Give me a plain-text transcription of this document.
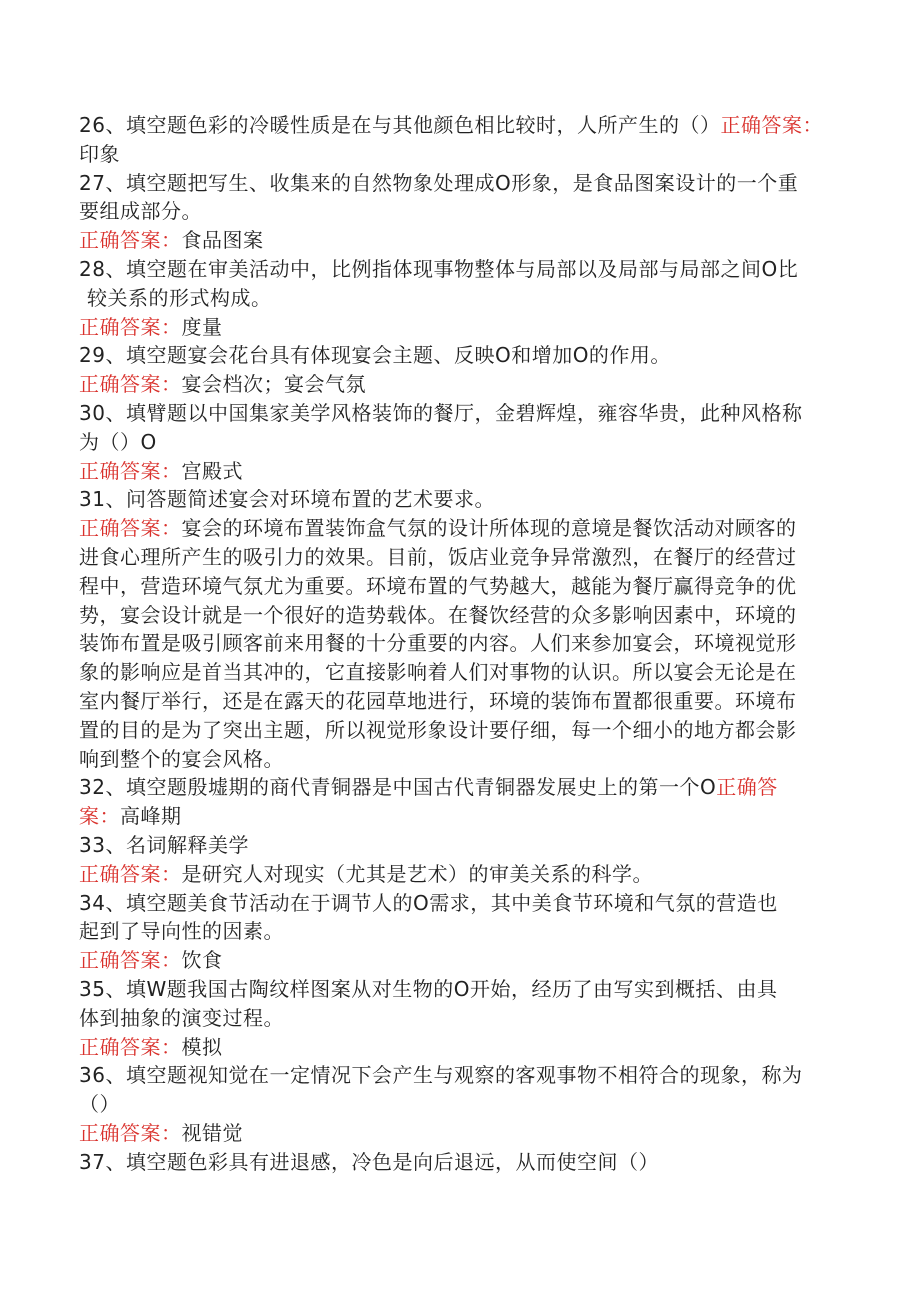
26、填空题色彩的冷暖性质是在与其他颜色相比较时，人所产生的（）正确答案：
印象
27、填空题把写生、收集来的自然物象处理成O形象，是食品图案设计的一个重
要组成部分。
正确答案：食品图案
28、填空题在审美活动中，比例指体现事物整体与局部以及局部与局部之间O比
较关系的形式构成。
正确答案：度量
29、填空题宴会花台具有体现宴会主题、反映O和增加O的作用。
正确答案：宴会档次；宴会气氛
30、填臂题以中国集家美学风格装饰的餐厅，金碧辉煌，雍容华贵，此种风格称
为（）O
正确答案：宫殿式
31、问答题简述宴会对环境布置的艺术要求。
正确答案：宴会的环境布置装饰盒气氛的设计所体现的意境是餐饮活动对顾客的
进食心理所产生的吸引力的效果。目前，饭店业竞争异常激烈，在餐厅的经营过
程中，营造环境气氛尤为重要。环境布置的气势越大，越能为餐厅赢得竞争的优
势，宴会设计就是一个很好的造势载体。在餐饮经营的众多影响因素中，环境的
装饰布置是吸引顾客前来用餐的十分重要的内容。人们来参加宴会，环境视觉形
象的影响应是首当其冲的，它直接影响着人们对事物的认识。所以宴会无论是在
室内餐厅举行，还是在露天的花园草地进行，环境的装饰布置都很重要。环境布
置的目的是为了突出主题，所以视觉形象设计要仔细，每一个细小的地方都会影
响到整个的宴会风格。
32、填空题殷墟期的商代青铜器是中国古代青铜器发展史上的第一个O正确答
案：高峰期
33、名词解释美学
正确答案：是研究人对现实（尤其是艺术）的审美关系的科学。
34、填空题美食节活动在于调节人的O需求，其中美食节环境和气氛的营造也
起到了导向性的因素。
正确答案：饮食
35、填W题我国古陶纹样图案从对生物的O开始，经历了由写实到概括、由具
体到抽象的演变过程。
正确答案：模拟
36、填空题视知觉在一定情况下会产生与观察的客观事物不相符合的现象，称为
（）
正确答案：视错觉
37、填空题色彩具有进退感，冷色是向后退远，从而使空间（）
